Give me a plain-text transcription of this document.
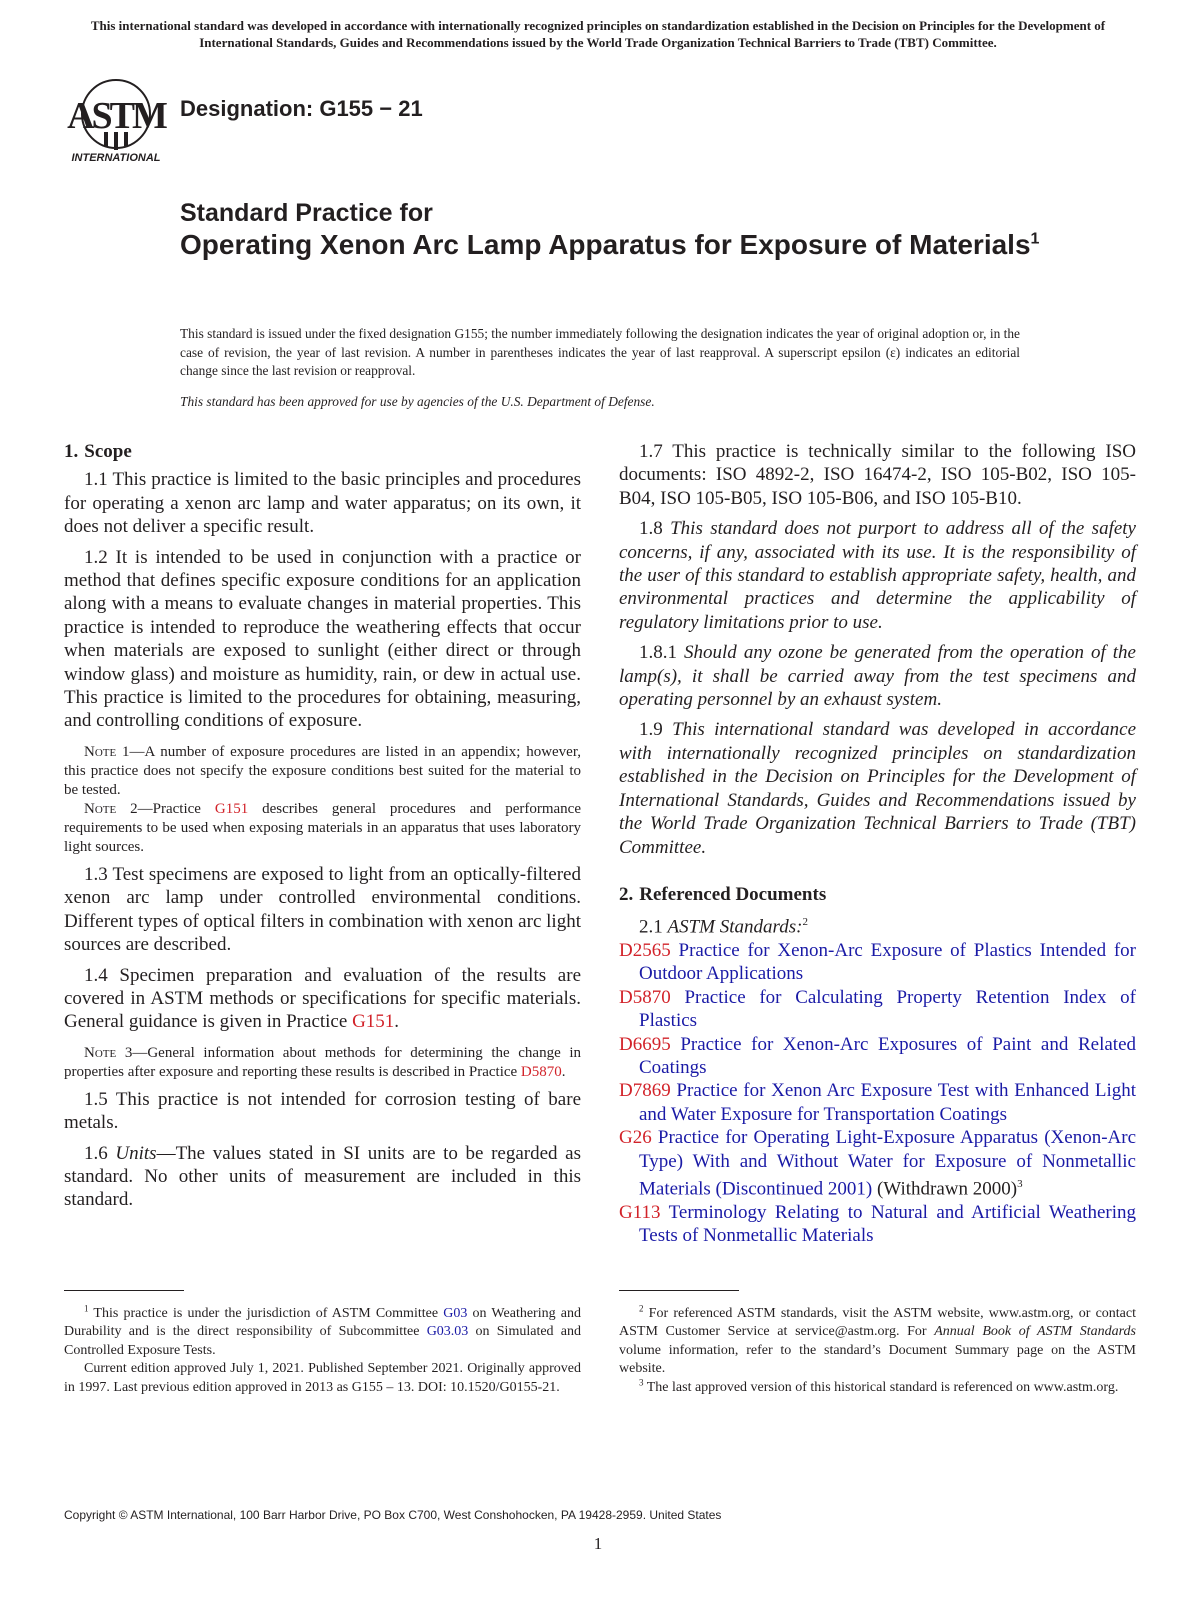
This international standard was developed in accordance with internationally recognized principles on standardization established in the Decision on Principles for the Development of International Standards, Guides and Recommendations issued by the World Trade Organization Technical Barriers to Trade (TBT) Committee.
ASTM
INTERNATIONAL
Designation: G155 − 21
Standard Practice for
Operating Xenon Arc Lamp Apparatus for Exposure of Materials$^1$
This standard is issued under the fixed designation G155; the number immediately following the designation indicates the year of original adoption or, in the case of revision, the year of last revision. A number in parentheses indicates the year of last reapproval. A superscript epsilon (ε) indicates an editorial change since the last revision or reapproval.
This standard has been approved for use by agencies of the U.S. Department of Defense.
1. Scope

1.1 This practice is limited to the basic principles and procedures for operating a xenon arc lamp and water apparatus; on its own, it does not deliver a specific result.

1.2 It is intended to be used in conjunction with a practice or method that defines specific exposure conditions for an application along with a means to evaluate changes in material properties. This practice is intended to reproduce the weathering effects that occur when materials are exposed to sunlight (either direct or through window glass) and moisture as humidity, rain, or dew in actual use. This practice is limited to the procedures for obtaining, measuring, and controlling conditions of exposure.

Note 1—A number of exposure procedures are listed in an appendix; however, this practice does not specify the exposure conditions best suited for the material to be tested.

Note 2—Practice G151 describes general procedures and performance requirements to be used when exposing materials in an apparatus that uses laboratory light sources.

1.3 Test specimens are exposed to light from an optically-filtered xenon arc lamp under controlled environmental conditions. Different types of optical filters in combination with xenon arc light sources are described.

1.4 Specimen preparation and evaluation of the results are covered in ASTM methods or specifications for specific materials. General guidance is given in Practice G151.

Note 3—General information about methods for determining the change in properties after exposure and reporting these results is described in Practice D5870.

1.5 This practice is not intended for corrosion testing of bare metals.

1.6 Units—The values stated in SI units are to be regarded as standard. No other units of measurement are included in this standard.

1.7 This practice is technically similar to the following ISO documents: ISO 4892-2, ISO 16474-2, ISO 105-B02, ISO 105-B04, ISO 105-B05, ISO 105-B06, and ISO 105-B10.

1.8 This standard does not purport to address all of the safety concerns, if any, associated with its use. It is the responsibility of the user of this standard to establish appropriate safety, health, and environmental practices and determine the applicability of regulatory limitations prior to use.

1.8.1 Should any ozone be generated from the operation of the lamp(s), it shall be carried away from the test specimens and operating personnel by an exhaust system.

1.9 This international standard was developed in accordance with internationally recognized principles on standardization established in the Decision on Principles for the Development of International Standards, Guides and Recommendations issued by the World Trade Organization Technical Barriers to Trade (TBT) Committee.

2. Referenced Documents

2.1 ASTM Standards:$^2$

D2565 Practice for Xenon-Arc Exposure of Plastics Intended for Outdoor Applications

D5870 Practice for Calculating Property Retention Index of Plastics

D6695 Practice for Xenon-Arc Exposures of Paint and Related Coatings

D7869 Practice for Xenon Arc Exposure Test with Enhanced Light and Water Exposure for Transportation Coatings

G26 Practice for Operating Light-Exposure Apparatus (Xenon-Arc Type) With and Without Water for Exposure of Nonmetallic Materials (Discontinued 2001) (Withdrawn 2000)$^3$

G113 Terminology Relating to Natural and Artificial Weathering Tests of Nonmetallic Materials

$^1$ This practice is under the jurisdiction of ASTM Committee G03 on Weathering and Durability and is the direct responsibility of Subcommittee G03.03 on Simulated and Controlled Exposure Tests.

Current edition approved July 1, 2021. Published September 2021. Originally approved in 1997. Last previous edition approved in 2013 as G155 – 13. DOI: 10.1520/G0155-21.

$^2$ For referenced ASTM standards, visit the ASTM website, www.astm.org, or contact ASTM Customer Service at service@astm.org. For Annual Book of ASTM Standards volume information, refer to the standard’s Document Summary page on the ASTM website.

$^3$ The last approved version of this historical standard is referenced on www.astm.org.

Copyright © ASTM International, 100 Barr Harbor Drive, PO Box C700, West Conshohocken, PA 19428-2959. United States
1
